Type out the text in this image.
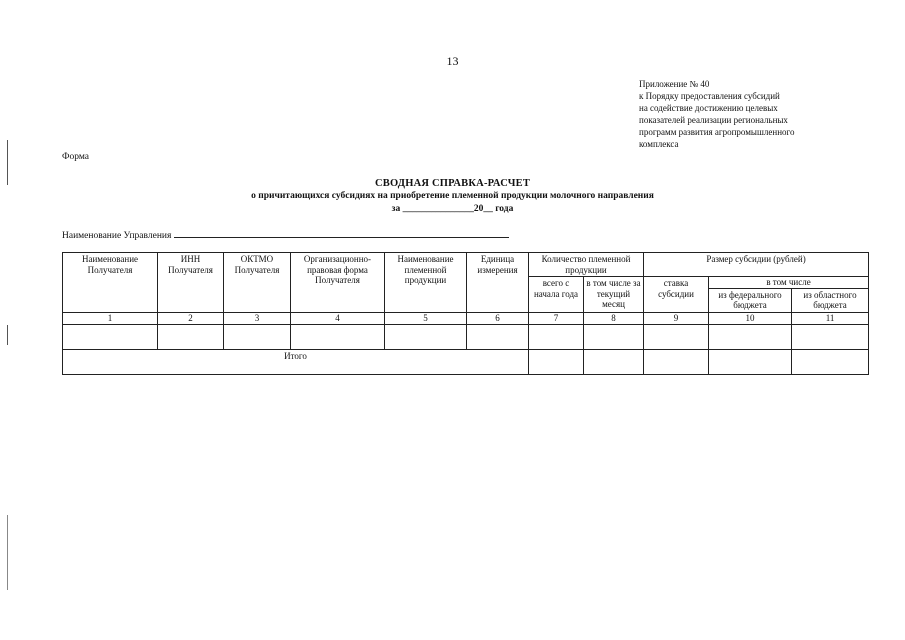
13
Приложение № 40
к Порядку предоставления субсидий
на содействие достижению целевых
показателей реализации региональных
программ развития агропромышленного
комплекса
Форма
СВОДНАЯ СПРАВКА-РАСЧЕТ
о причитающихся субсидиях на приобретение племенной продукции молочного направления
за _______________20__ года
Наименование Управления
Наименование Получателя	ИНН Получателя	ОКТМО Получателя	Организационно-правовая форма Получателя	Наименование племенной продукции	Единица измерения	Количество племенной продукции		Размер субсидии (рублей)		
						всего с начала года	в том числе за текущий месяц	ставка субсидии	в том числе	
									из федерального бюджета	из областного бюджета
1	2	3	4	5	6	7	8	9	10	11

Итого										
